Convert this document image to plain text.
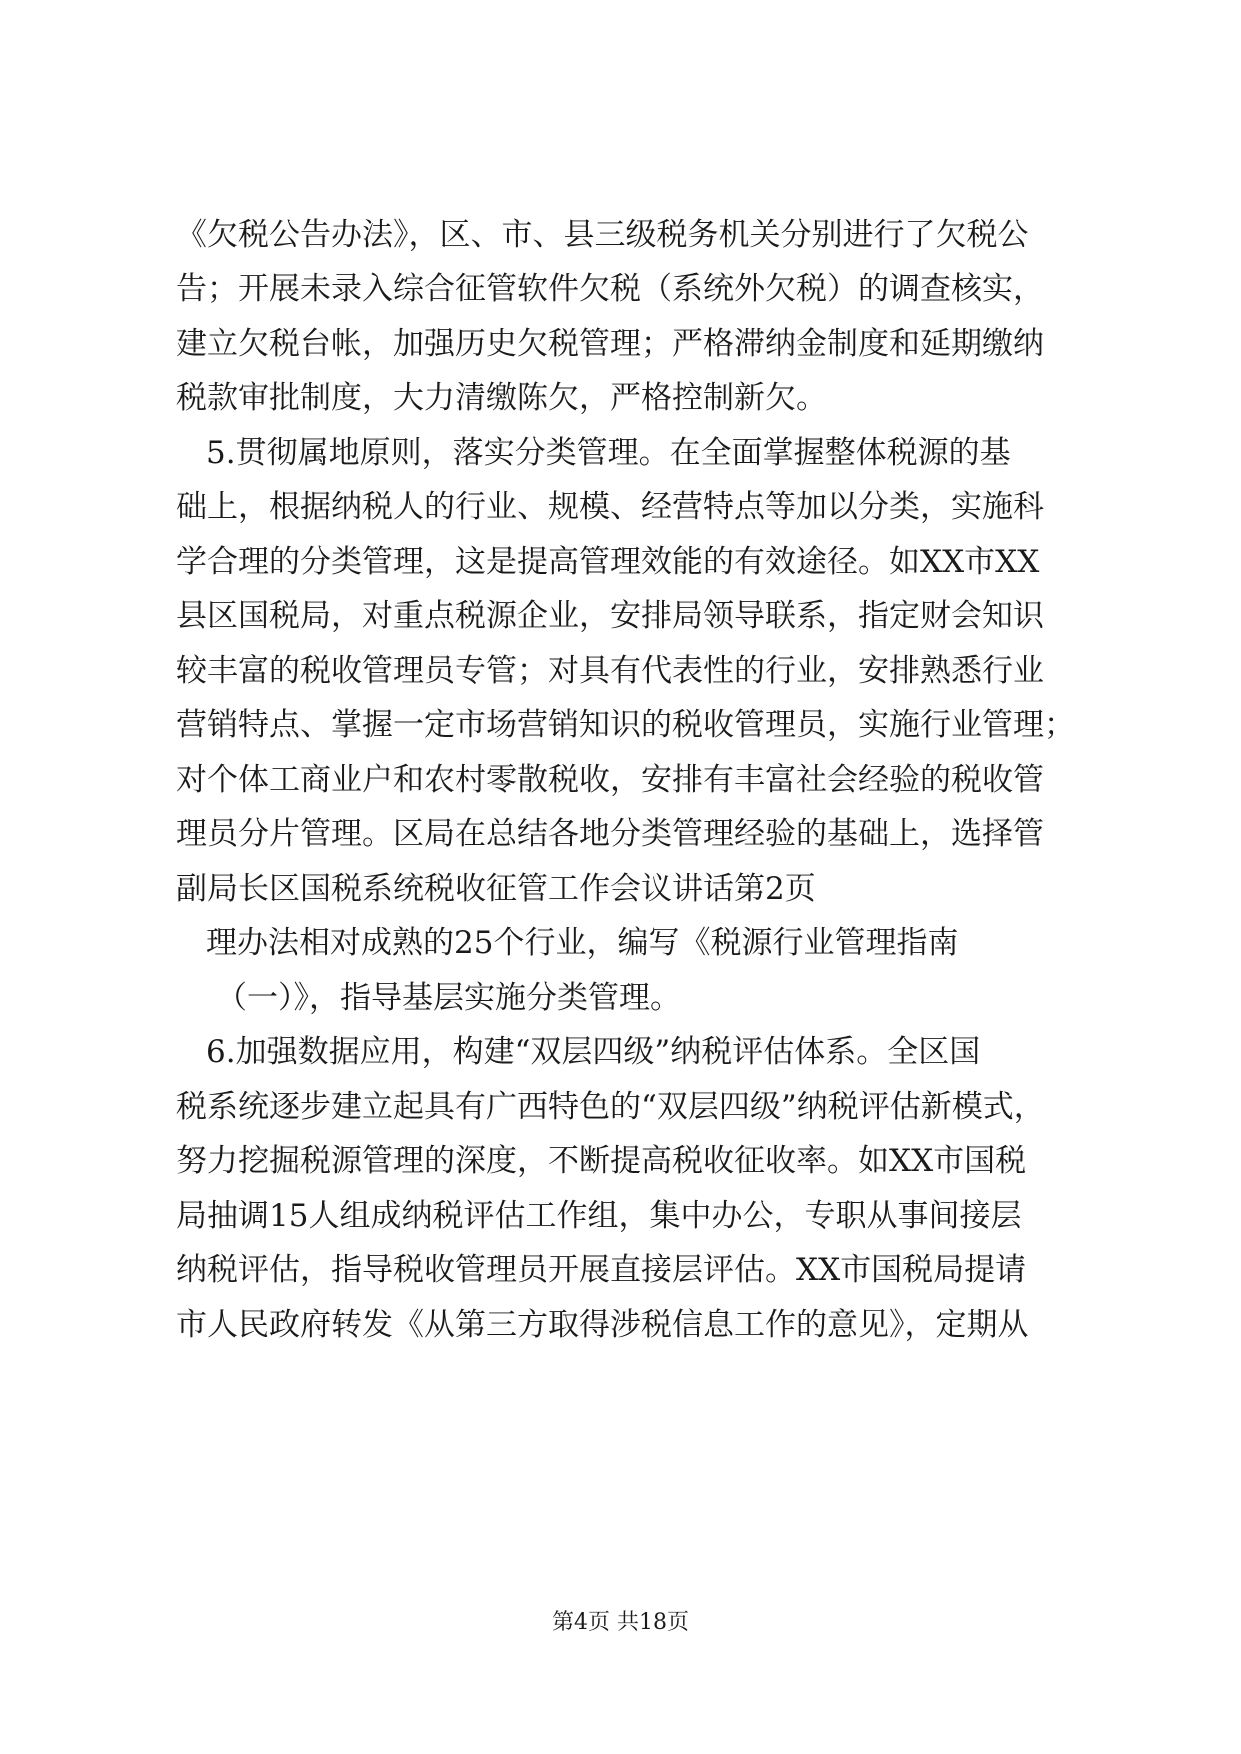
《欠税公告办法》，区、市、县三级税务机关分别进行了欠税公
告；开展未录入综合征管软件欠税（系统外欠税）的调查核实，
建立欠税台帐，加强历史欠税管理；严格滞纳金制度和延期缴纳
税款审批制度，大力清缴陈欠，严格控制新欠。
5.贯彻属地原则，落实分类管理。在全面掌握整体税源的基
础上，根据纳税人的行业、规模、经营特点等加以分类，实施科
学合理的分类管理，这是提高管理效能的有效途径。如XX市XX
县区国税局，对重点税源企业，安排局领导联系，指定财会知识
较丰富的税收管理员专管；对具有代表性的行业，安排熟悉行业
营销特点、掌握一定市场营销知识的税收管理员，实施行业管理；
对个体工商业户和农村零散税收，安排有丰富社会经验的税收管
理员分片管理。区局在总结各地分类管理经验的基础上，选择管
副局长区国税系统税收征管工作会议讲话第2页
理办法相对成熟的25个行业，编写《税源行业管理指南
（一）》，指导基层实施分类管理。
6.加强数据应用，构建“双层四级”纳税评估体系。全区国
税系统逐步建立起具有广西特色的“双层四级”纳税评估新模式，
努力挖掘税源管理的深度，不断提高税收征收率。如XX市国税
局抽调15人组成纳税评估工作组，集中办公，专职从事间接层
纳税评估，指导税收管理员开展直接层评估。XX市国税局提请
市人民政府转发《从第三方取得涉税信息工作的意见》，定期从
第4页 共18页
